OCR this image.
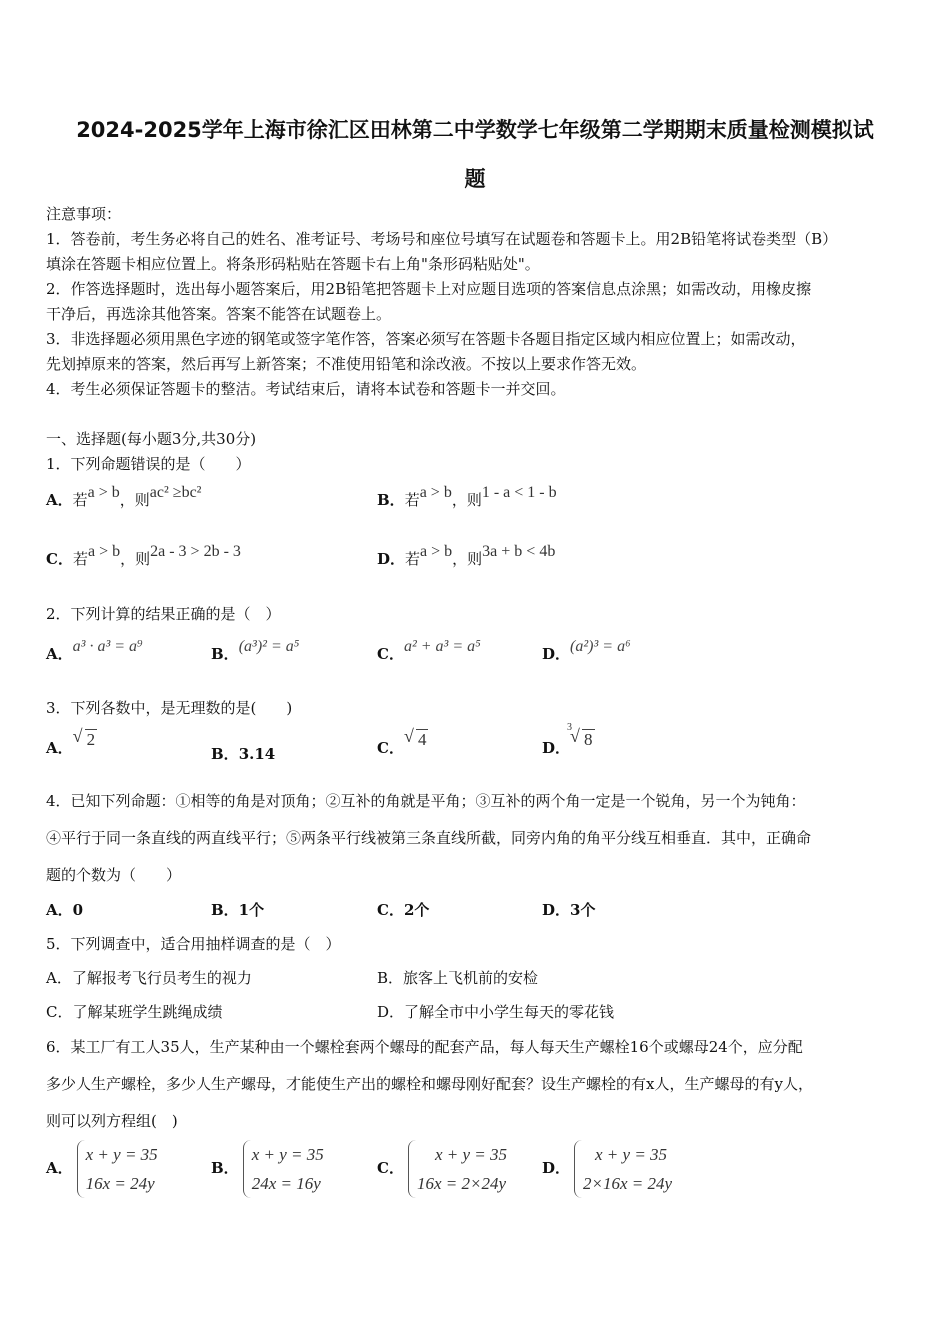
2024-2025学年上海市徐汇区田林第二中学数学七年级第二学期期末质量检测模拟试
题
注意事项：
1．答卷前，考生务必将自己的姓名、准考证号、考场号和座位号填写在试题卷和答题卡上。用2B铅笔将试卷类型（B）
填涂在答题卡相应位置上。将条形码粘贴在答题卡右上角"条形码粘贴处"。
2．作答选择题时，选出每小题答案后，用2B铅笔把答题卡上对应题目选项的答案信息点涂黑；如需改动，用橡皮擦
干净后，再选涂其他答案。答案不能答在试题卷上。
3．非选择题必须用黑色字迹的钢笔或签字笔作答，答案必须写在答题卡各题目指定区域内相应位置上；如需改动，
先划掉原来的答案，然后再写上新答案；不准使用铅笔和涂改液。不按以上要求作答无效。
4．考生必须保证答题卡的整洁。考试结束后，请将本试卷和答题卡一并交回。
一、选择题(每小题3分,共30分)
1．下列命题错误的是（　　）
A．若a > b，则ac² ≥bc²	B．若a > b，则1 - a < 1 - b
C．若a > b，则2a - 3 > 2b - 3	D．若a > b，则3a + b < 4b
2．下列计算的结果正确的是（　）
A．a³ · a³ = a⁹	B．(a³)² = a⁵	C．a² + a³ = a⁵	D．(a²)³ = a⁶
3．下列各数中，是无理数的是(　　)
A． √ 2
B．3.14	C． √ 4	D．
√ 3
8
4．已知下列命题：①相等的角是对顶角；②互补的角就是平角；③互补的两个角一定是一个锐角，另一个为钝角：
④平行于同一条直线的两直线平行；⑤两条平行线被第三条直线所截，同旁内角的角平分线互相垂直．其中，正确命
题的个数为（　　）
A．0	B．1个	C．2个	D．3个
5．下列调查中，适合用抽样调查的是（　）
A．了解报考飞行员考生的视力	B．旅客上飞机前的安检
C．了解某班学生跳绳成绩	D．了解全市中小学生每天的零花钱
6．某工厂有工人35人，生产某种由一个螺栓套两个螺母的配套产品，每人每天生产螺栓16个或螺母24个，应分配
多少人生产螺栓，多少人生产螺母，才能使生产出的螺栓和螺母刚好配套？设生产螺栓的有x人，生产螺母的有y人，
则可以列方程组(　)
A．
x + y = 35
16x = 24y
B．
x + y = 35
24x = 16y
C．
x + y = 35
16x = 2×24y
D．
x + y = 35
2×16x = 24y
